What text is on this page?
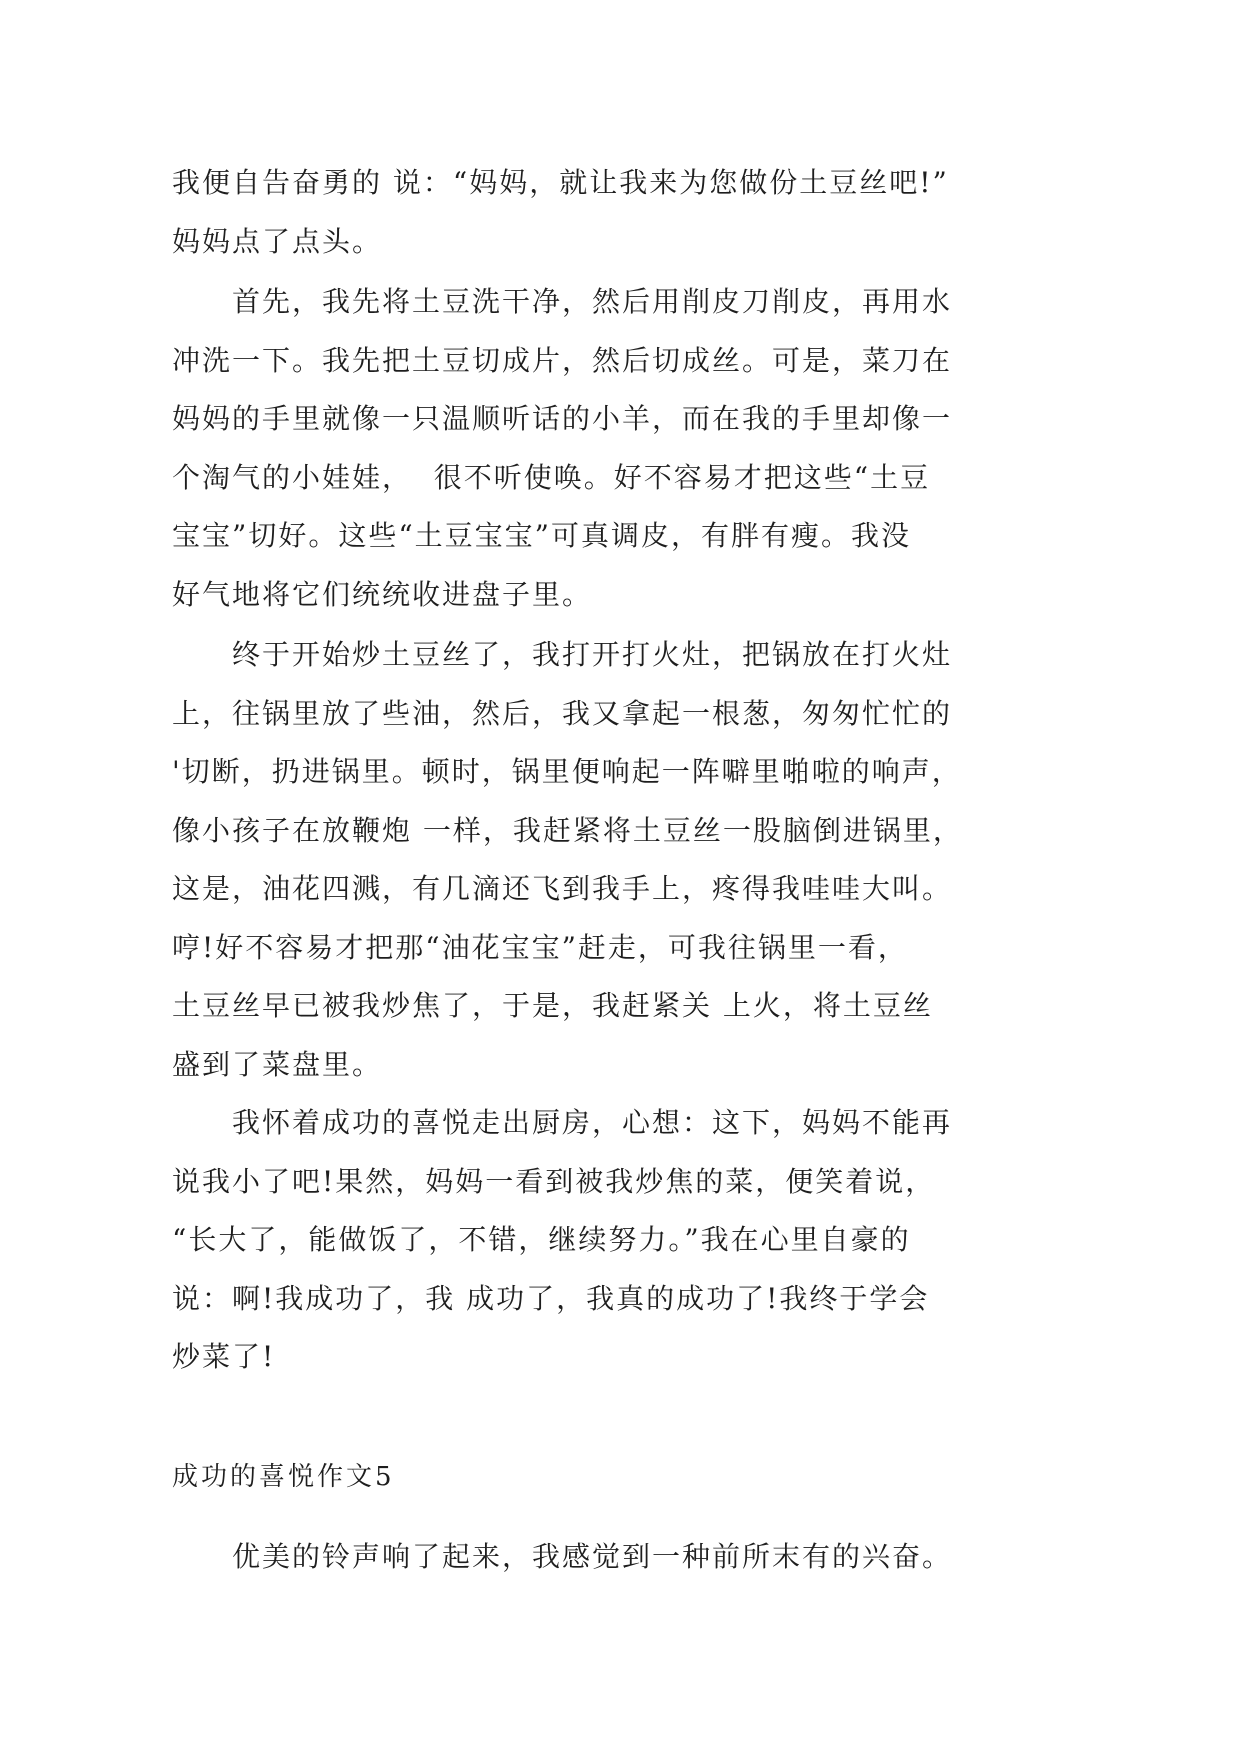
我便自告奋勇的 说：“妈妈，就让我来为您做份土豆丝吧!”
妈妈点了点头。

首先，我先将土豆洗干净，然后用削皮刀削皮，再用水
冲洗一下。我先把土豆切成片，然后切成丝。可是，菜刀在
妈妈的手里就像一只温顺听话的小羊，而在我的手里却像一
个淘气的小娃娃，  很不听使唤。好不容易才把这些“土豆
宝宝”切好。这些“土豆宝宝”可真调皮，有胖有瘦。我没
好气地将它们统统收进盘子里。

终于开始炒土豆丝了，我打开打火灶，把锅放在打火灶
上，往锅里放了些油，然后，我又拿起一根葱，匆匆忙忙的
'切断，扔进锅里。顿时，锅里便响起一阵噼里啪啦的响声，
像小孩子在放鞭炮 一样，我赶紧将土豆丝一股脑倒进锅里，
这是，油花四溅，有几滴还飞到我手上，疼得我哇哇大叫。
哼!好不容易才把那“油花宝宝”赶走，可我往锅里一看，
土豆丝早已被我炒焦了，于是，我赶紧关 上火，将土豆丝
盛到了菜盘里。

我怀着成功的喜悦走出厨房，心想：这下，妈妈不能再
说我小了吧!果然，妈妈一看到被我炒焦的菜，便笑着说，
“长大了，能做饭了，不错，继续努力。”我在心里自豪的
说：啊!我成功了，我 成功了，我真的成功了!我终于学会
炒菜了!

成功的喜悦作文5

优美的铃声响了起来，我感觉到一种前所末有的兴奋。
